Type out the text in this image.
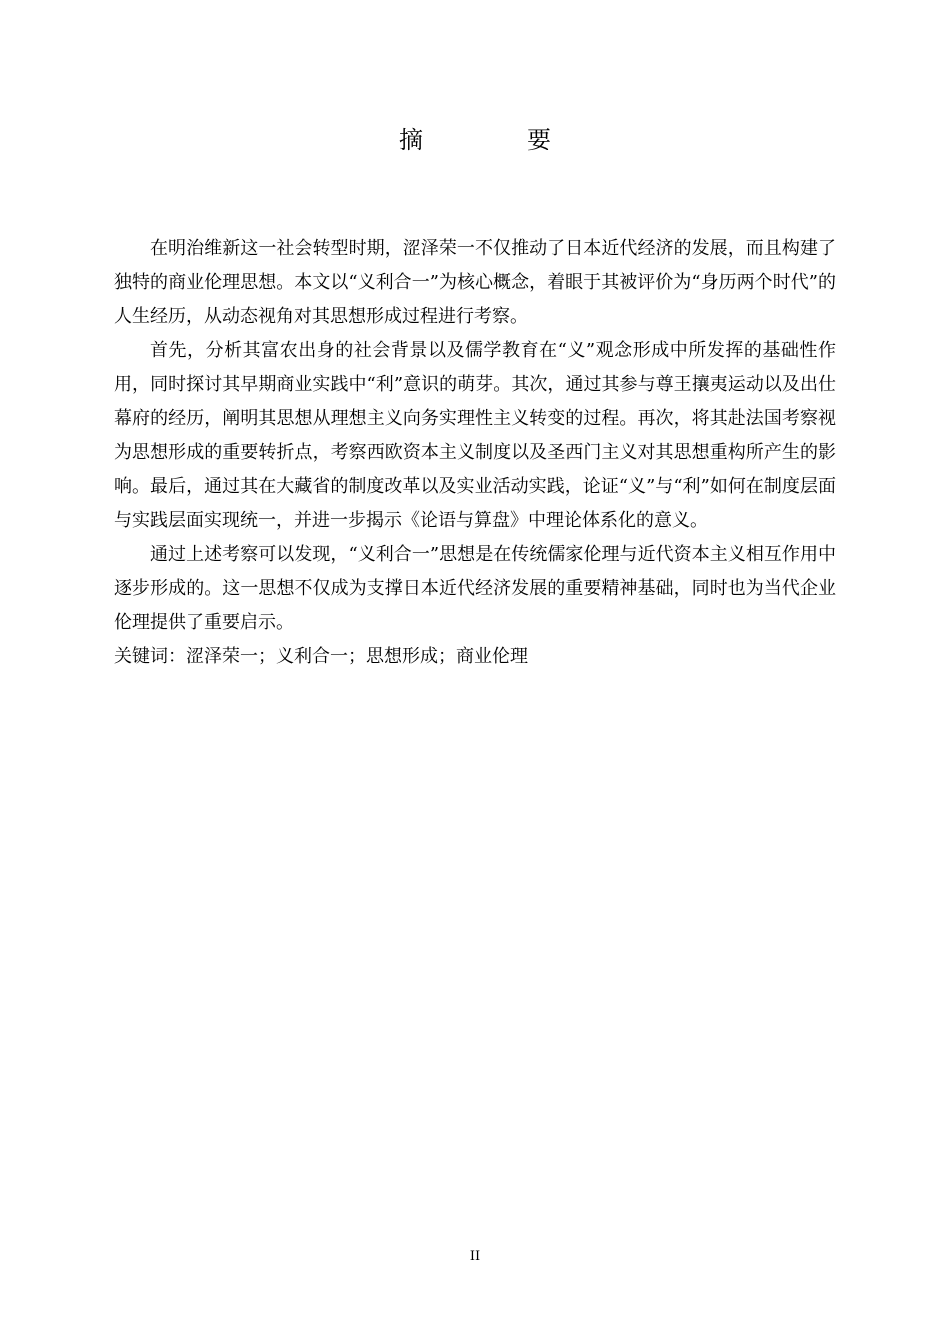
摘　要

在明治维新这一社会转型时期，涩泽荣一不仅推动了日本近代经济的发展，而且构建了独特的商业伦理思想。本文以“义利合一”为核心概念，着眼于其被评价为“身历两个时代”的人生经历，从动态视角对其思想形成过程进行考察。

首先，分析其富农出身的社会背景以及儒学教育在“义”观念形成中所发挥的基础性作用，同时探讨其早期商业实践中“利”意识的萌芽。其次，通过其参与尊王攘夷运动以及出仕幕府的经历，阐明其思想从理想主义向务实理性主义转变的过程。再次，将其赴法国考察视为思想形成的重要转折点，考察西欧资本主义制度以及圣西门主义对其思想重构所产生的影响。最后，通过其在大藏省的制度改革以及实业活动实践，论证“义”与“利”如何在制度层面与实践层面实现统一，并进一步揭示《论语与算盘》中理论体系化的意义。

通过上述考察可以发现，“义利合一”思想是在传统儒家伦理与近代资本主义相互作用中逐步形成的。这一思想不仅成为支撑日本近代经济发展的重要精神基础，同时也为当代企业伦理提供了重要启示。

关键词：涩泽荣一；义利合一；思想形成；商业伦理

II
